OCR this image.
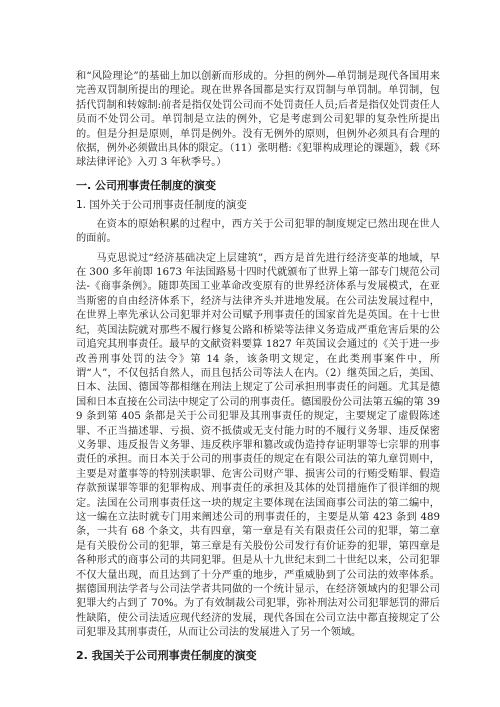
和“风险理论”的基础上加以创新而形成的。分担的例外—单罚制是现代各国用来完善双罚制所提出的理论。现在世界各国都是实行双罚制与单罚制。单罚制，包括代罚制和转嫁制:前者是指仅处罚公司而不处罚责任人员;后者是指仅处罚责任人员而不处罚公司。单罚制是立法的例外，它是考虑到公司犯罪的复杂性所提出的。但是分担是原则，单罚是例外。没有无例外的原则，但例外必须具有合理的依据，例外必须做出具体的限定。（11）张明楷:《犯罪构成理论的课题》，载《环球法律评论》入刃 3 年秋季号。）

一. 公司刑事责任制度的演变
1. 国外关于公司刑事责任制度的演变

在资本的原始积累的过程中，西方关于公司犯罪的制度规定已然出现在世人的面前。

马克思说过“经济基础决定上层建筑”，西方是首先进行经济变革的地域，早在 300 多年前即 1673 年法国路易十四时代就颁布了世界上第一部专门规范公司法-《商事条例》。随即英国工业革命改变原有的世界经济体系与发展模式，在亚当斯密的自由经济体系下，经济与法律齐头并进地发展。在公司法发展过程中，在世界上率先承认公司犯罪并对公司赋予刑事责任的国家首先是英国。在十七世纪，英国法院就对那些不履行修复公路和桥梁等法律义务造成严重危害后果的公司追究其刑事责任。最早的文献资料要算 1827 年英国议会通过的《关于进一步改善刑事处罚的法令》第 14 条，该条明文规定，在此类刑事案件中，所谓“人”，不仅包括自然人，而且包括公司等法人在内。（2）继英国之后，美国、日本、法国、德国等都相继在刑法上规定了公司承担刑事责任的问题。尤其是德国和日本直接在公司法中规定了公司的刑事责任。德国股份公司法第五编的第 399 条到第 405 条都是关于公司犯罪及其刑事责任的规定，主要规定了虚假陈述罪、不正当描述罪、亏损、资不抵债或无支付能力时的不履行义务罪、违反保密义务罪、违反报告义务罪、违反秩序罪和篡改或伪造持存证明罪等七宗罪的刑事责任的承担。而日本关于公司的刑事责任的规定在有限公司法的第九章罚则中，主要是对董事等的特别渎职罪、危害公司财产罪、损害公司的行贿受贿罪、假造存款预谋罪等罪的犯罪构成、刑事责任的承担及其体的处罚措施作了很详细的规定。法国在公司刑事责任这一块的规定主要体现在法国商事公司法的第二编中，这一编在立法时就专门用来阐述公司的刑事责任的，主要是从第 423 条到 489 条，一共有 68 个条文，共有四章，第一章是有关有限责任公司的犯罪，第二章是有关股份公司的犯罪，第三章是有关股份公司发行有价证券的犯罪，第四章是各种形式的商事公司的共同犯罪。但是从十九世纪末到二十世纪以来，公司犯罪不仅大量出现，而且达到了十分严重的地步，严重威胁到了公司法的效率体系。据德国刑法学者与公司法学者共同做的一个统计显示，在经济领域内的犯罪公司犯罪大约占到了 70%。为了有效制裁公司犯罪，弥补刑法对公司犯罪惩罚的滞后性缺陷，使公司法适应现代经济的发展，现代各国在公司立法中都直接规定了公司犯罪及其刑事责任，从而让公司法的发展进入了另一个领域。

2. 我国关于公司刑事责任制度的演变
